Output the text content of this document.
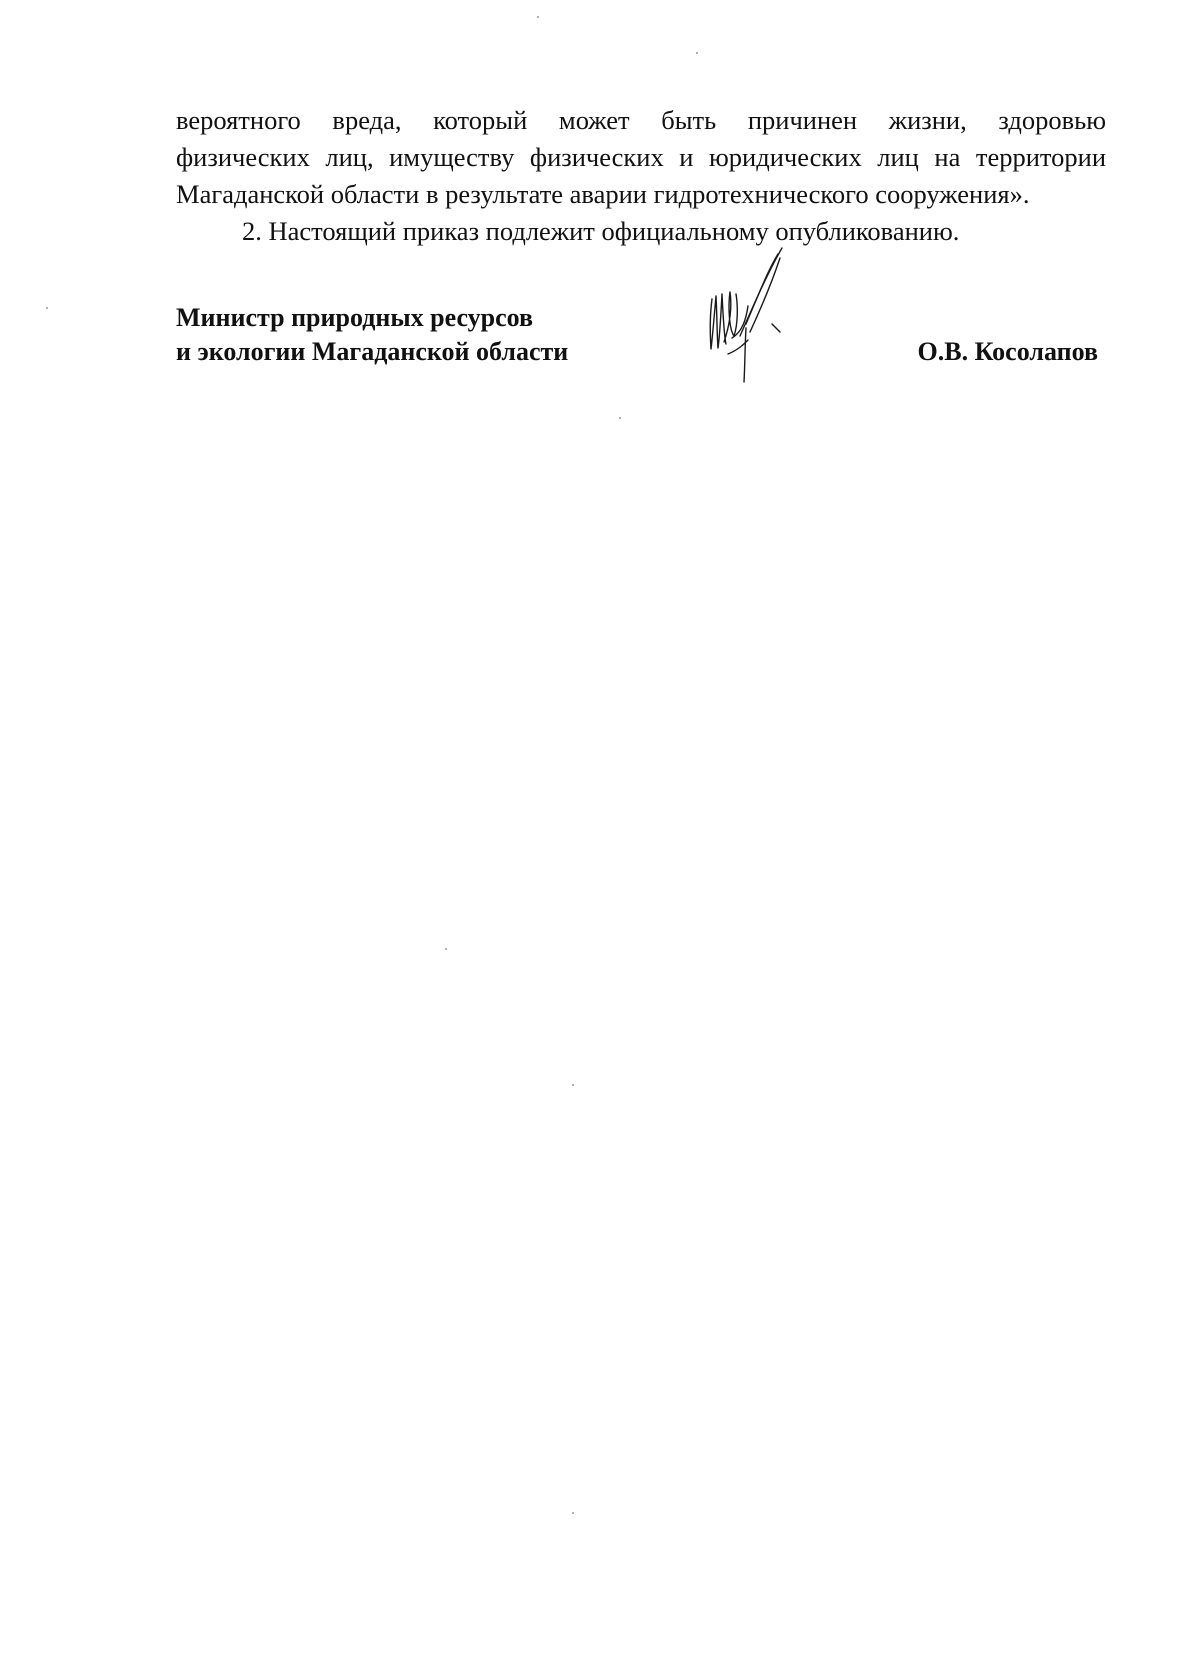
вероятного вреда, который может быть причинен жизни, здоровью
физических лиц, имуществу физических и юридических лиц на территории
Магаданской области в результате аварии гидротехнического сооружения».

2. Настоящий приказ подлежит официальному опубликованию.

Министр природных ресурсов
и экологии Магаданской области	О.В. Косолапов
